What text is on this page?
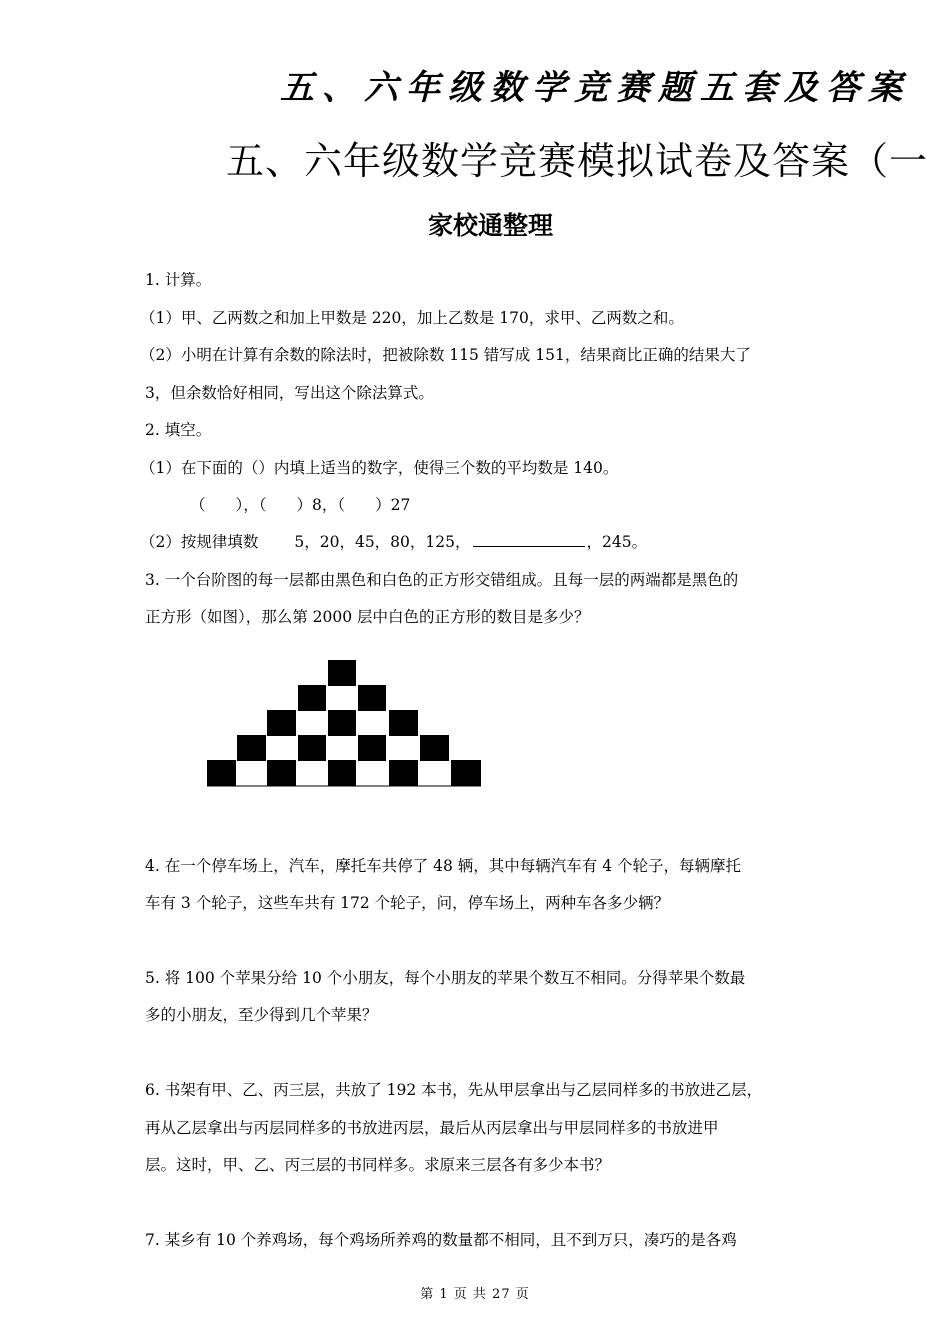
五、六年级数学竞赛题五套及答案
五、六年级数学竞赛模拟试卷及答案（一
家校通整理
1. 计算。
（1）甲、乙两数之和加上甲数是 220，加上乙数是 170，求甲、乙两数之和。
（2）小明在计算有余数的除法时，把被除数 115 错写成 151，结果商比正确的结果大了
3，但余数恰好相同，写出这个除法算式。
2. 填空。
（1）在下面的（）内填上适当的数字，使得三个数的平均数是 140。
（ ），（ ）8，（ ）27
（2）按规律填数 5，20，45，80，125，	，245。
3. 一个台阶图的每一层都由黑色和白色的正方形交错组成。且每一层的两端都是黑色的
正方形（如图），那么第 2000 层中白色的正方形的数目是多少？
4. 在一个停车场上，汽车，摩托车共停了 48 辆，其中每辆汽车有 4 个轮子，每辆摩托
车有 3 个轮子，这些车共有 172 个轮子，问，停车场上，两种车各多少辆？
5. 将 100 个苹果分给 10 个小朋友，每个小朋友的苹果个数互不相同。分得苹果个数最
多的小朋友，至少得到几个苹果？
6. 书架有甲、乙、丙三层，共放了 192 本书，先从甲层拿出与乙层同样多的书放进乙层，
再从乙层拿出与丙层同样多的书放进丙层，最后从丙层拿出与甲层同样多的书放进甲
层。这时，甲、乙、丙三层的书同样多。求原来三层各有多少本书？
7. 某乡有 10 个养鸡场，每个鸡场所养鸡的数量都不相同，且不到万只，凑巧的是各鸡
第 1 页 共 27 页
